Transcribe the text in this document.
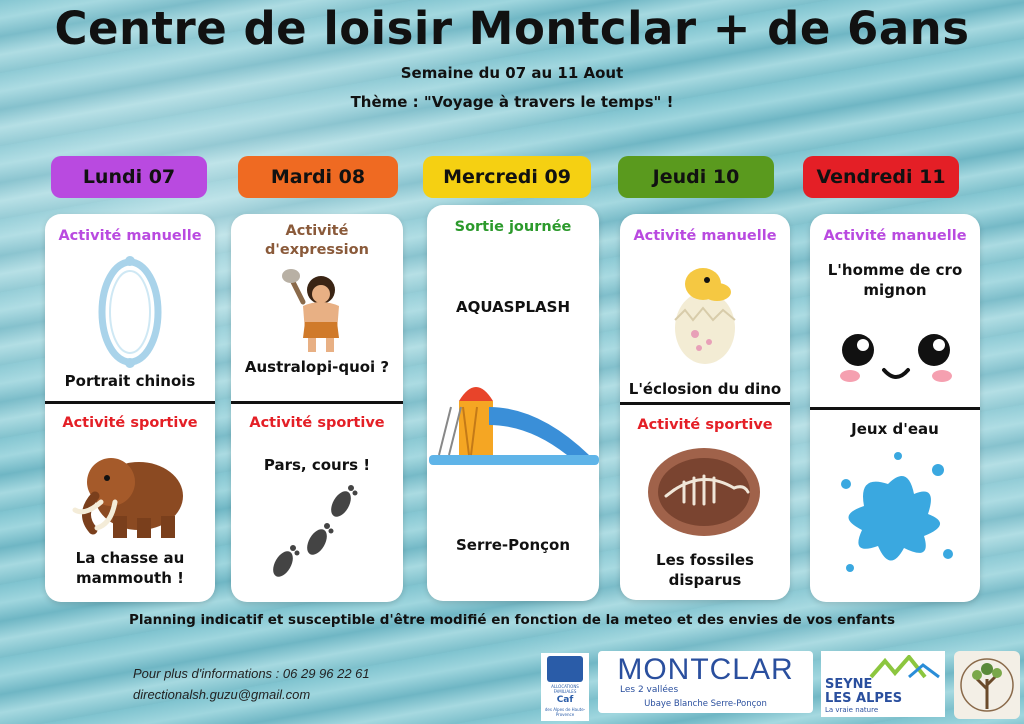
Centre de loisir Montclar + de 6ans
Semaine du 07 au 11 Aout
Thème : "Voyage à travers le temps" !
Lundi 07	Mardi 08	Mercredi 09	Jeudi 10	Vendredi 11
Activité manuelle
Portrait chinois
Activité sportive
La chasse au mammouth !
Activité d'expression
Australopi-quoi ?
Activité sportive
Pars, cours !
Sortie journée
AQUASPLASH
Serre-Ponçon
Activité manuelle
L'éclosion du dino
Activité sportive
Les fossiles disparus
Activité manuelle
L'homme de cro mignon
Jeux d'eau
Planning indicatif et susceptible d'être modifié en fonction de la meteo et des envies de vos enfants
Pour plus d'informations : 06 29 96 22 61
directionalsh.guzu@gmail.com
ALLOCATIONS FAMILIALES
Caf
des Alpes de Haute-Provence
MONTCLAR
Les 2 vallées
Ubaye Blanche Serre-Ponçon
SEYNE
LES ALPES
La vraie nature
